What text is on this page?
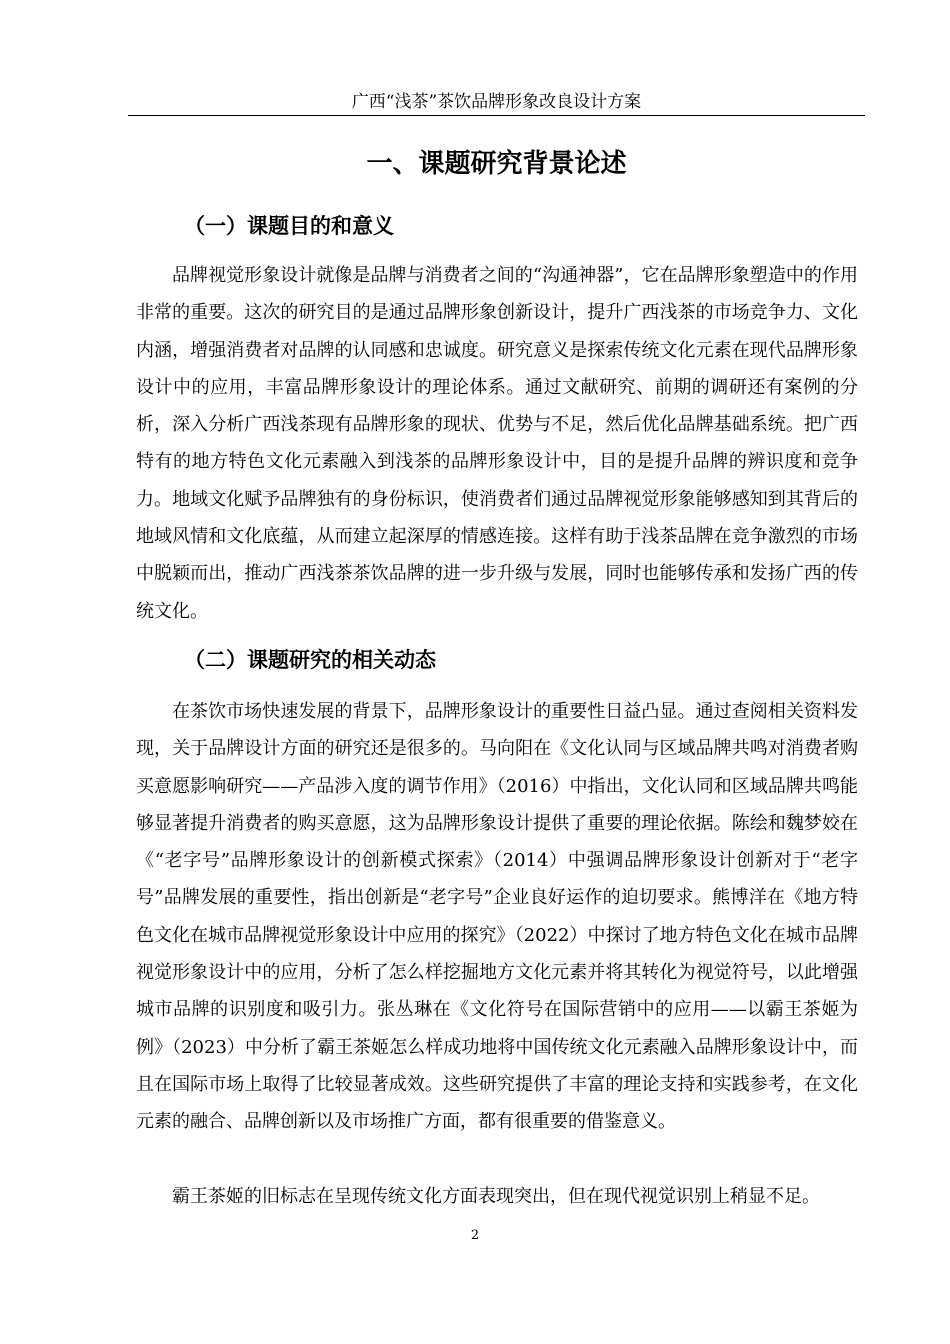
广西“浅茶”茶饮品牌形象改良设计方案
一、课题研究背景论述
（一）课题目的和意义

品牌视觉形象设计就像是品牌与消费者之间的“沟通神器”，它在品牌形象塑造中的作用非常的重要。这次的研究目的是通过品牌形象创新设计，提升广西浅茶的市场竞争力、文化内涵，增强消费者对品牌的认同感和忠诚度。研究意义是探索传统文化元素在现代品牌形象设计中的应用，丰富品牌形象设计的理论体系。通过文献研究、前期的调研还有案例的分析，深入分析广西浅茶现有品牌形象的现状、优势与不足，然后优化品牌基础系统。把广西特有的地方特色文化元素融入到浅茶的品牌形象设计中，目的是提升品牌的辨识度和竞争力。地域文化赋予品牌独有的身份标识，使消费者们通过品牌视觉形象能够感知到其背后的地域风情和文化底蕴，从而建立起深厚的情感连接。这样有助于浅茶品牌在竞争激烈的市场中脱颖而出，推动广西浅茶茶饮品牌的进一步升级与发展，同时也能够传承和发扬广西的传统文化。

（二）课题研究的相关动态

在茶饮市场快速发展的背景下，品牌形象设计的重要性日益凸显。通过查阅相关资料发现，关于品牌设计方面的研究还是很多的。马向阳在《文化认同与区域品牌共鸣对消费者购买意愿影响研究——产品涉入度的调节作用》（2016）中指出，文化认同和区域品牌共鸣能够显著提升消费者的购买意愿，这为品牌形象设计提供了重要的理论依据。陈绘和魏梦姣在《“老字号”品牌形象设计的创新模式探索》（2014）中强调品牌形象设计创新对于“老字号”品牌发展的重要性，指出创新是“老字号”企业良好运作的迫切要求。熊博洋在《地方特色文化在城市品牌视觉形象设计中应用的探究》（2022）中探讨了地方特色文化在城市品牌视觉形象设计中的应用，分析了怎么样挖掘地方文化元素并将其转化为视觉符号，以此增强城市品牌的识别度和吸引力。张丛琳在《文化符号在国际营销中的应用——以霸王茶姬为例》（2023）中分析了霸王茶姬怎么样成功地将中国传统文化元素融入品牌形象设计中，而且在国际市场上取得了比较显著成效。这些研究提供了丰富的理论支持和实践参考，在文化元素的融合、品牌创新以及市场推广方面，都有很重要的借鉴意义。

霸王茶姬的旧标志在呈现传统文化方面表现突出，但在现代视觉识别上稍显不足。

2
